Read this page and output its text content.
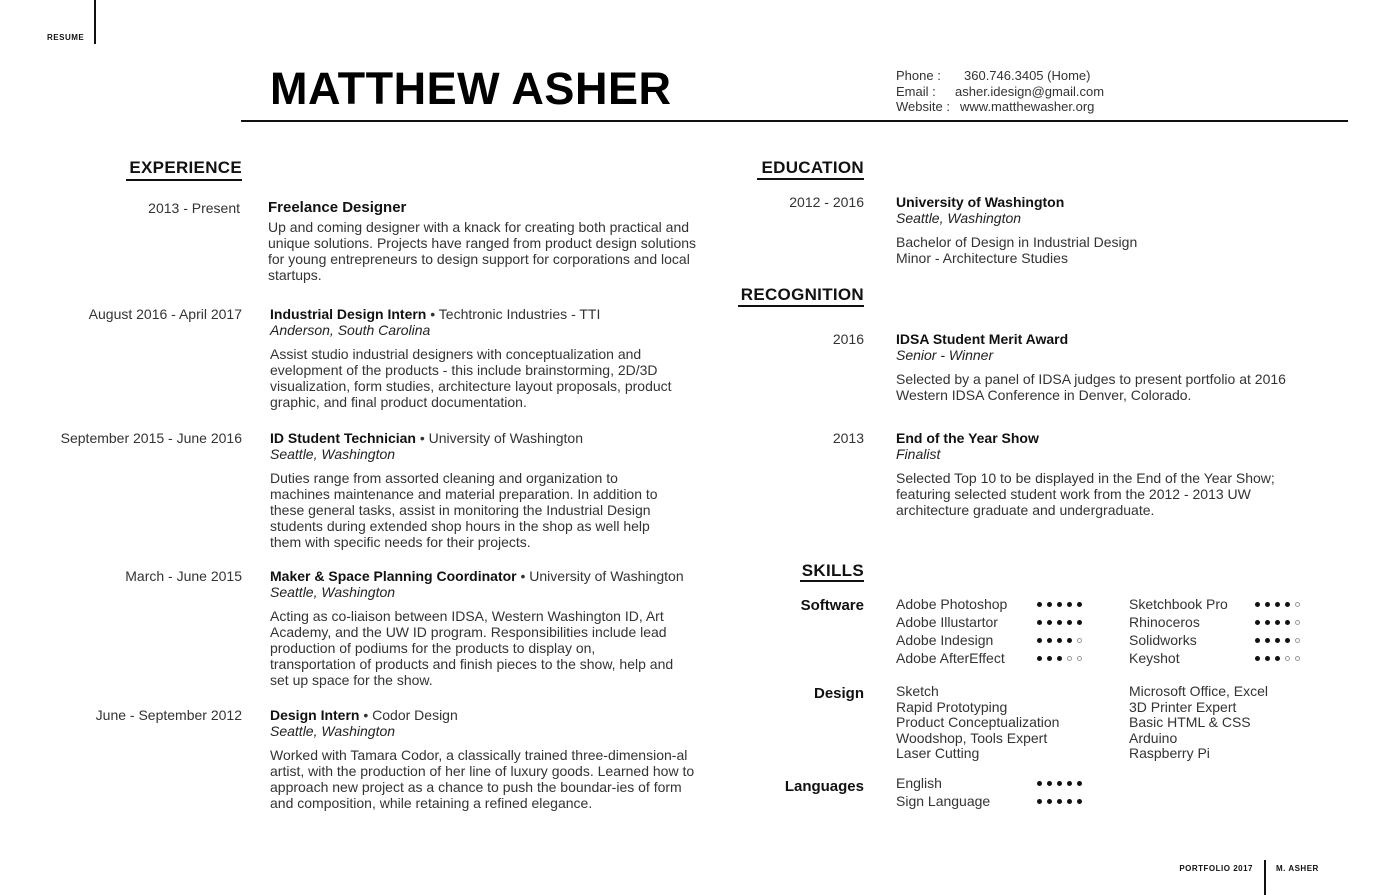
RESUME
MATTHEW ASHER	Phone : 360.746.3405 (Home)
Email : asher.idesign@gmail.com
Website : www.matthewasher.org
EXPERIENCE
2013 - Present Freelance Designer
Up and coming designer with a knack for creating both practical and unique solutions. Projects have ranged from product design solutions for young entrepreneurs to design support for corporations and local startups.
August 2016 - April 2017 Industrial Design Intern • Techtronic Industries - TTI
Anderson, South Carolina
Assist studio industrial designers with conceptualization and evelopment of the products - this include brainstorming, 2D/3D visualization, form studies, architecture layout proposals, product graphic, and final product documentation.
September 2015 - June 2016 ID Student Technician • University of Washington
Seattle, Washington
Duties range from assorted cleaning and organization to machines maintenance and material preparation. In addition to these general tasks, assist in monitoring the Industrial Design students during extended shop hours in the shop as well help them with specific needs for their projects.
March - June 2015 Maker & Space Planning Coordinator • University of Washington
Seattle, Washington
Acting as co-liaison between IDSA, Western Washington ID, Art Academy, and the UW ID program. Responsibilities include lead production of podiums for the products to display on, transportation of products and finish pieces to the show, help and set up space for the show.
June - September 2012 Design Intern • Codor Design
Seattle, Washington
Worked with Tamara Codor, a classically trained three-dimension-al artist, with the production of her line of luxury goods. Learned how to approach new project as a chance to push the boundar-ies of form and composition, while retaining a refined elegance.
EDUCATION
2012 - 2016 University of Washington
Seattle, Washington
Bachelor of Design in Industrial Design
Minor - Architecture Studies
RECOGNITION
2016 IDSA Student Merit Award
Senior - Winner
Selected by a panel of IDSA judges to present portfolio at 2016 Western IDSA Conference in Denver, Colorado.
2013 End of the Year Show
Finalist
Selected Top 10 to be displayed in the End of the Year Show; featuring selected student work from the 2012 - 2013 UW architecture graduate and undergraduate.
SKILLS
Software Adobe Photoshop
Adobe Illustartor
Adobe Indesign
Adobe AfterEffect
Sketchbook Pro
Rhinoceros
Solidworks
Keyshot
Design Sketch
Rapid Prototyping
Product Conceptualization
Woodshop, Tools Expert
Laser Cutting
Microsoft Office, Excel
3D Printer Expert
Basic HTML & CSS
Arduino
Raspberry Pi
Languages English
Sign Language
PORTFOLIO 2017	M. ASHER
